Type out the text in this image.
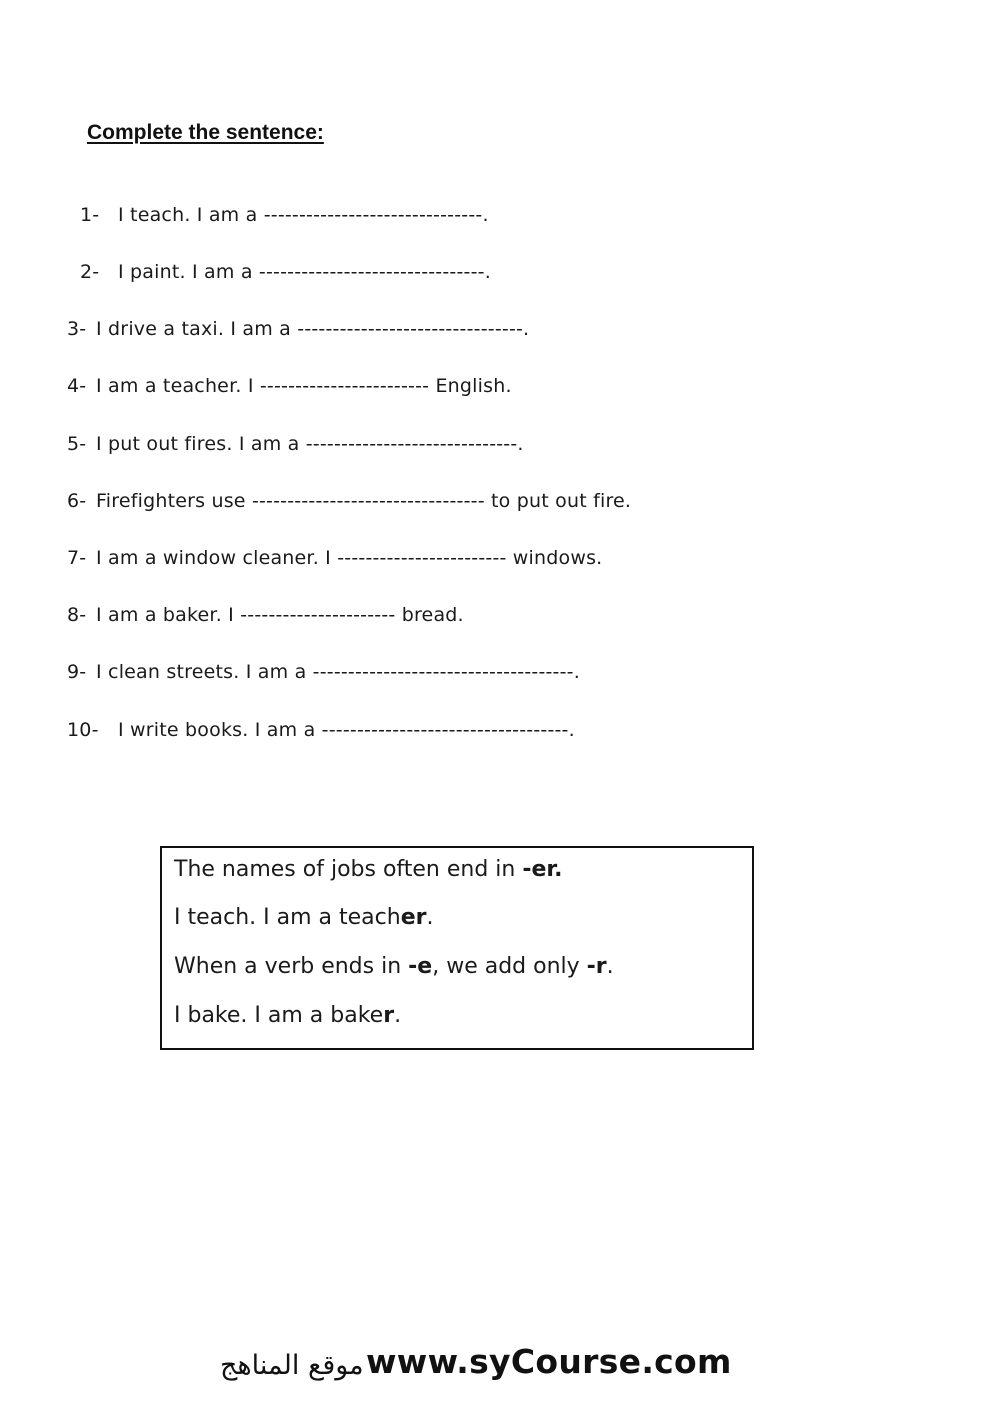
Complete the sentence:
1- I teach. I am a -------------------------------.
2- I paint. I am a --------------------------------.
3- I drive a taxi. I am a --------------------------------.
4- I am a teacher. I ------------------------ English.
5- I put out fires. I am a ------------------------------.
6- Firefighters use --------------------------------- to put out fire.
7- I am a window cleaner. I ------------------------ windows.
8- I am a baker. I ---------------------- bread.
9- I clean streets. I am a -------------------------------------.
10- I write books. I am a -----------------------------------.
The names of jobs often end in -er.
I teach. I am a teacher.
When a verb ends in -e, we add only -r.
I bake. I am a baker.
موقع المناهج www.syCourse.com
